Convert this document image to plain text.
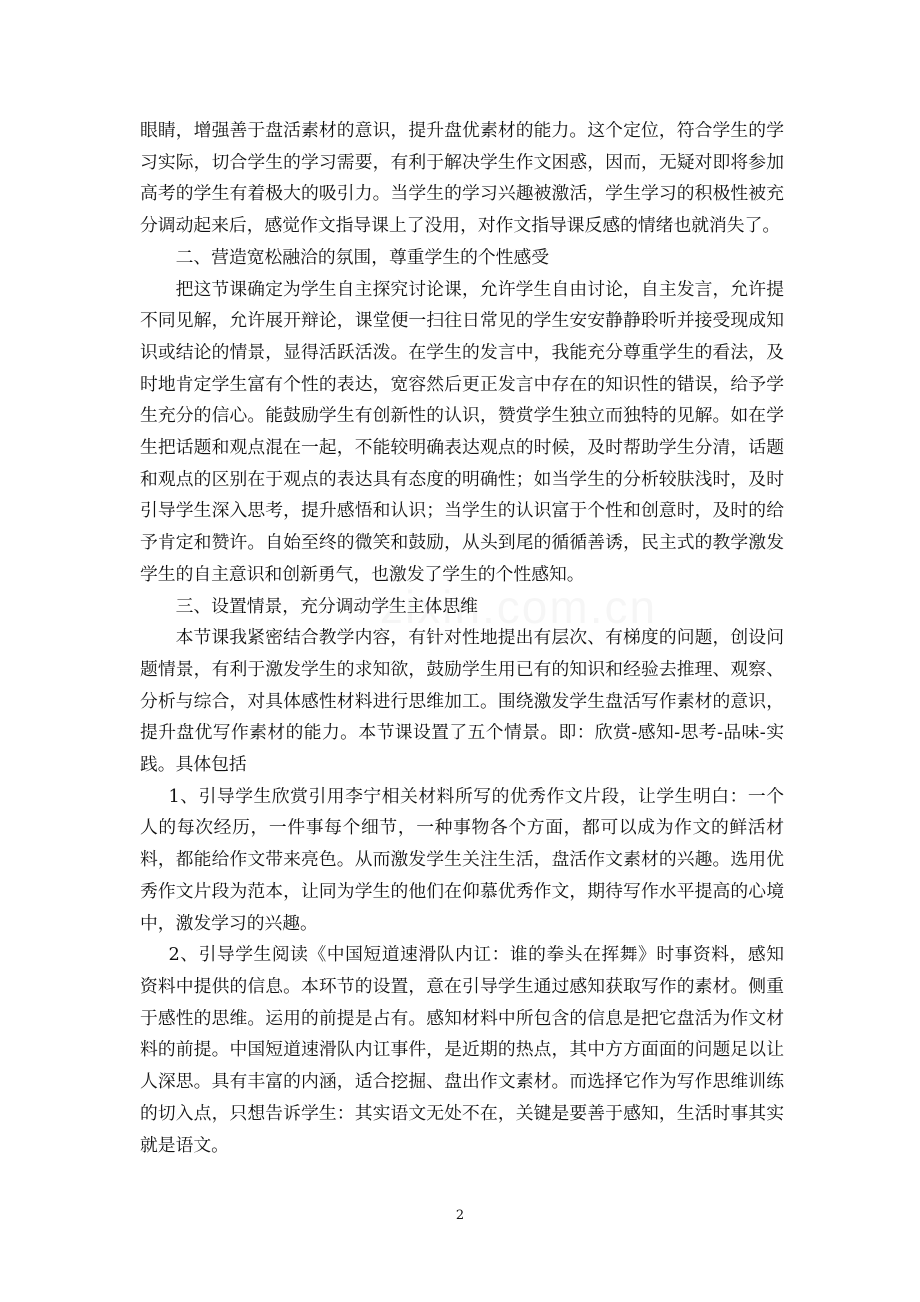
眼睛，增强善于盘活素材的意识，提升盘优素材的能力。这个定位，符合学生的学习实际，切合学生的学习需要，有利于解决学生作文困惑，因而，无疑对即将参加高考的学生有着极大的吸引力。当学生的学习兴趣被激活，学生学习的积极性被充分调动起来后，感觉作文指导课上了没用，对作文指导课反感的情绪也就消失了。

二、营造宽松融洽的氛围，尊重学生的个性感受

把这节课确定为学生自主探究讨论课，允许学生自由讨论，自主发言，允许提不同见解，允许展开辩论，课堂便一扫往日常见的学生安安静静聆听并接受现成知识或结论的情景，显得活跃活泼。在学生的发言中，我能充分尊重学生的看法，及时地肯定学生富有个性的表达，宽容然后更正发言中存在的知识性的错误，给予学生充分的信心。能鼓励学生有创新性的认识，赞赏学生独立而独特的见解。如在学生把话题和观点混在一起，不能较明确表达观点的时候，及时帮助学生分清，话题和观点的区别在于观点的表达具有态度的明确性；如当学生的分析较肤浅时，及时引导学生深入思考，提升感悟和认识；当学生的认识富于个性和创意时，及时的给予肯定和赞许。自始至终的微笑和鼓励，从头到尾的循循善诱，民主式的教学激发学生的自主意识和创新勇气，也激发了学生的个性感知。

三、设置情景，充分调动学生主体思维

本节课我紧密结合教学内容，有针对性地提出有层次、有梯度的问题，创设问题情景，有利于激发学生的求知欲，鼓励学生用已有的知识和经验去推理、观察、分析与综合，对具体感性材料进行思维加工。围绕激发学生盘活写作素材的意识，提升盘优写作素材的能力。本节课设置了五个情景。即：欣赏-感知-思考-品味-实践。具体包括

1、引导学生欣赏引用李宁相关材料所写的优秀作文片段，让学生明白：一个人的每次经历，一件事每个细节，一种事物各个方面，都可以成为作文的鲜活材料，都能给作文带来亮色。从而激发学生关注生活，盘活作文素材的兴趣。选用优秀作文片段为范本，让同为学生的他们在仰慕优秀作文，期待写作水平提高的心境中，激发学习的兴趣。

2、引导学生阅读《中国短道速滑队内讧：谁的拳头在挥舞》时事资料，感知资料中提供的信息。本环节的设置，意在引导学生通过感知获取写作的素材。侧重于感性的思维。运用的前提是占有。感知材料中所包含的信息是把它盘活为作文材料的前提。中国短道速滑队内讧事件，是近期的热点，其中方方面面的问题足以让人深思。具有丰富的内涵，适合挖掘、盘出作文素材。而选择它作为写作思维训练的切入点，只想告诉学生：其实语文无处不在，关键是要善于感知，生活时事其实就是语文。

2
